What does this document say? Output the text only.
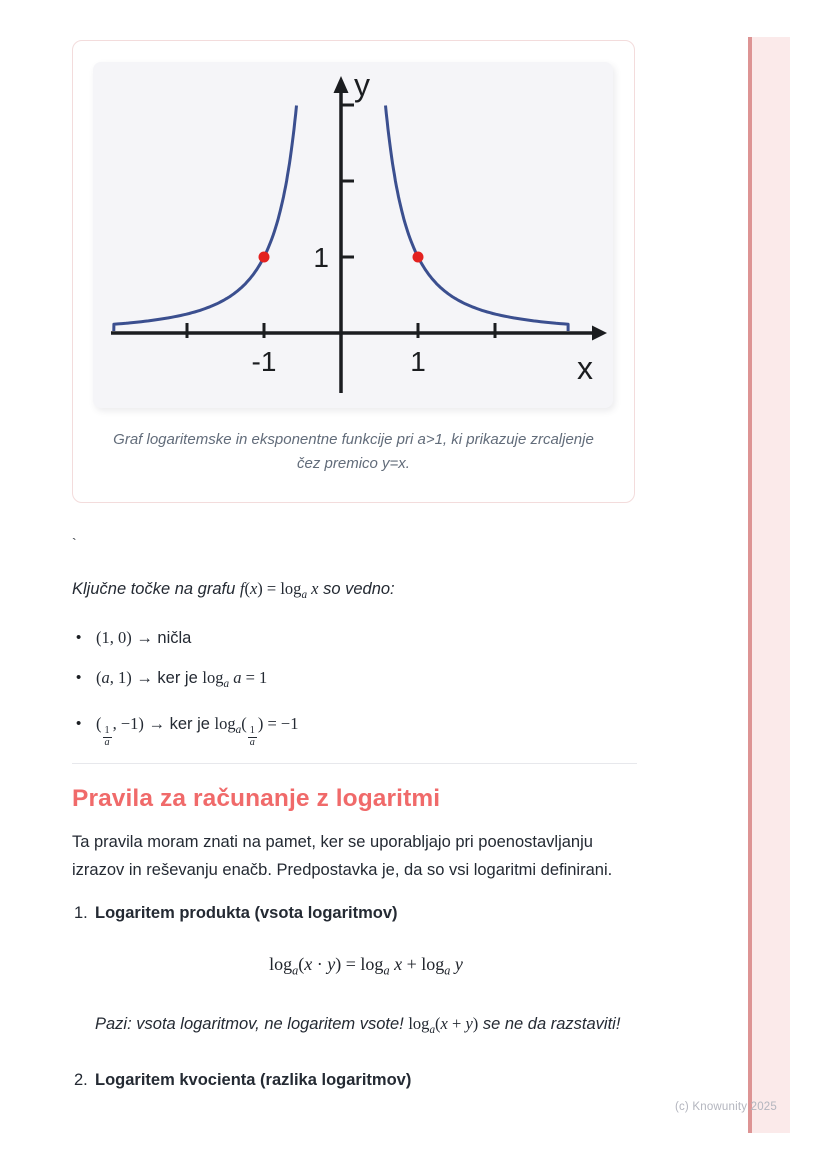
-1	1
1
x
y
Graf logaritemske in eksponentne funkcije pri a>1, ki prikazuje zrcaljenje čez premico y=x.
`
Ključne točke na grafu $f(x) = \log_a x$ so vedno:
• (1, 0) → ničla
• (a, 1) → ker je $\log_a a = 1$
• (
$\frac{1}{a}$
, −1) → ker je $\log_a$(
$\frac{1}{a}$
) = −1
Pravila za računanje z logaritmi
Ta pravila moram znati na pamet, ker se uporabljajo pri poenostavljanju izrazov in reševanju enačb. Predpostavka je, da so vsi logaritmi definirani.
1. Logaritem produkta (vsota logaritmov)
$\log_a(x \cdot y) = \log_a x + \log_a y$
Pazi: vsota logaritmov, ne logaritem vsote! $\log_a(x + y)$ se ne da razstaviti!
2. Logaritem kvocienta (razlika logaritmov)
(c) Knowunity 2025
